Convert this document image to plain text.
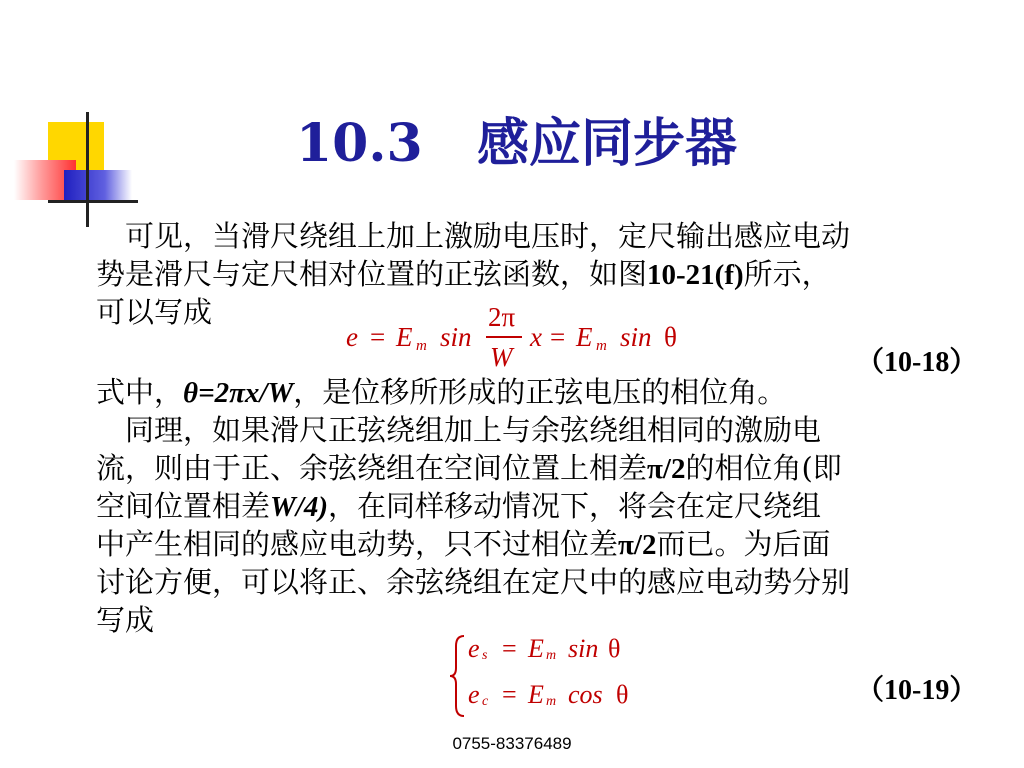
10.3   感应同步器
　可见，当滑尺绕组上加上激励电压时，定尺输出感应电动
势是滑尺与定尺相对位置的正弦函数，如图10-21(f)所示，
可以写成
式中，θ=2πx/W，是位移所形成的正弦电压的相位角。
　同理，如果滑尺正弦绕组加上与余弦绕组相同的激励电
流，则由于正、余弦绕组在空间位置上相差π/2的相位角(即
空间位置相差W/4)，在同样移动情况下，将会在定尺绕组
中产生相同的感应电动势，只不过相位差π/2而已。为后面
讨论方便，可以将正、余弦绕组在定尺中的感应电动势分别
写成
e = E m sin
2π
W
x = E m sin θ
（10-18）
e s = E m sin θ
e c = E m cos θ	（10-19）
0755-83376489
